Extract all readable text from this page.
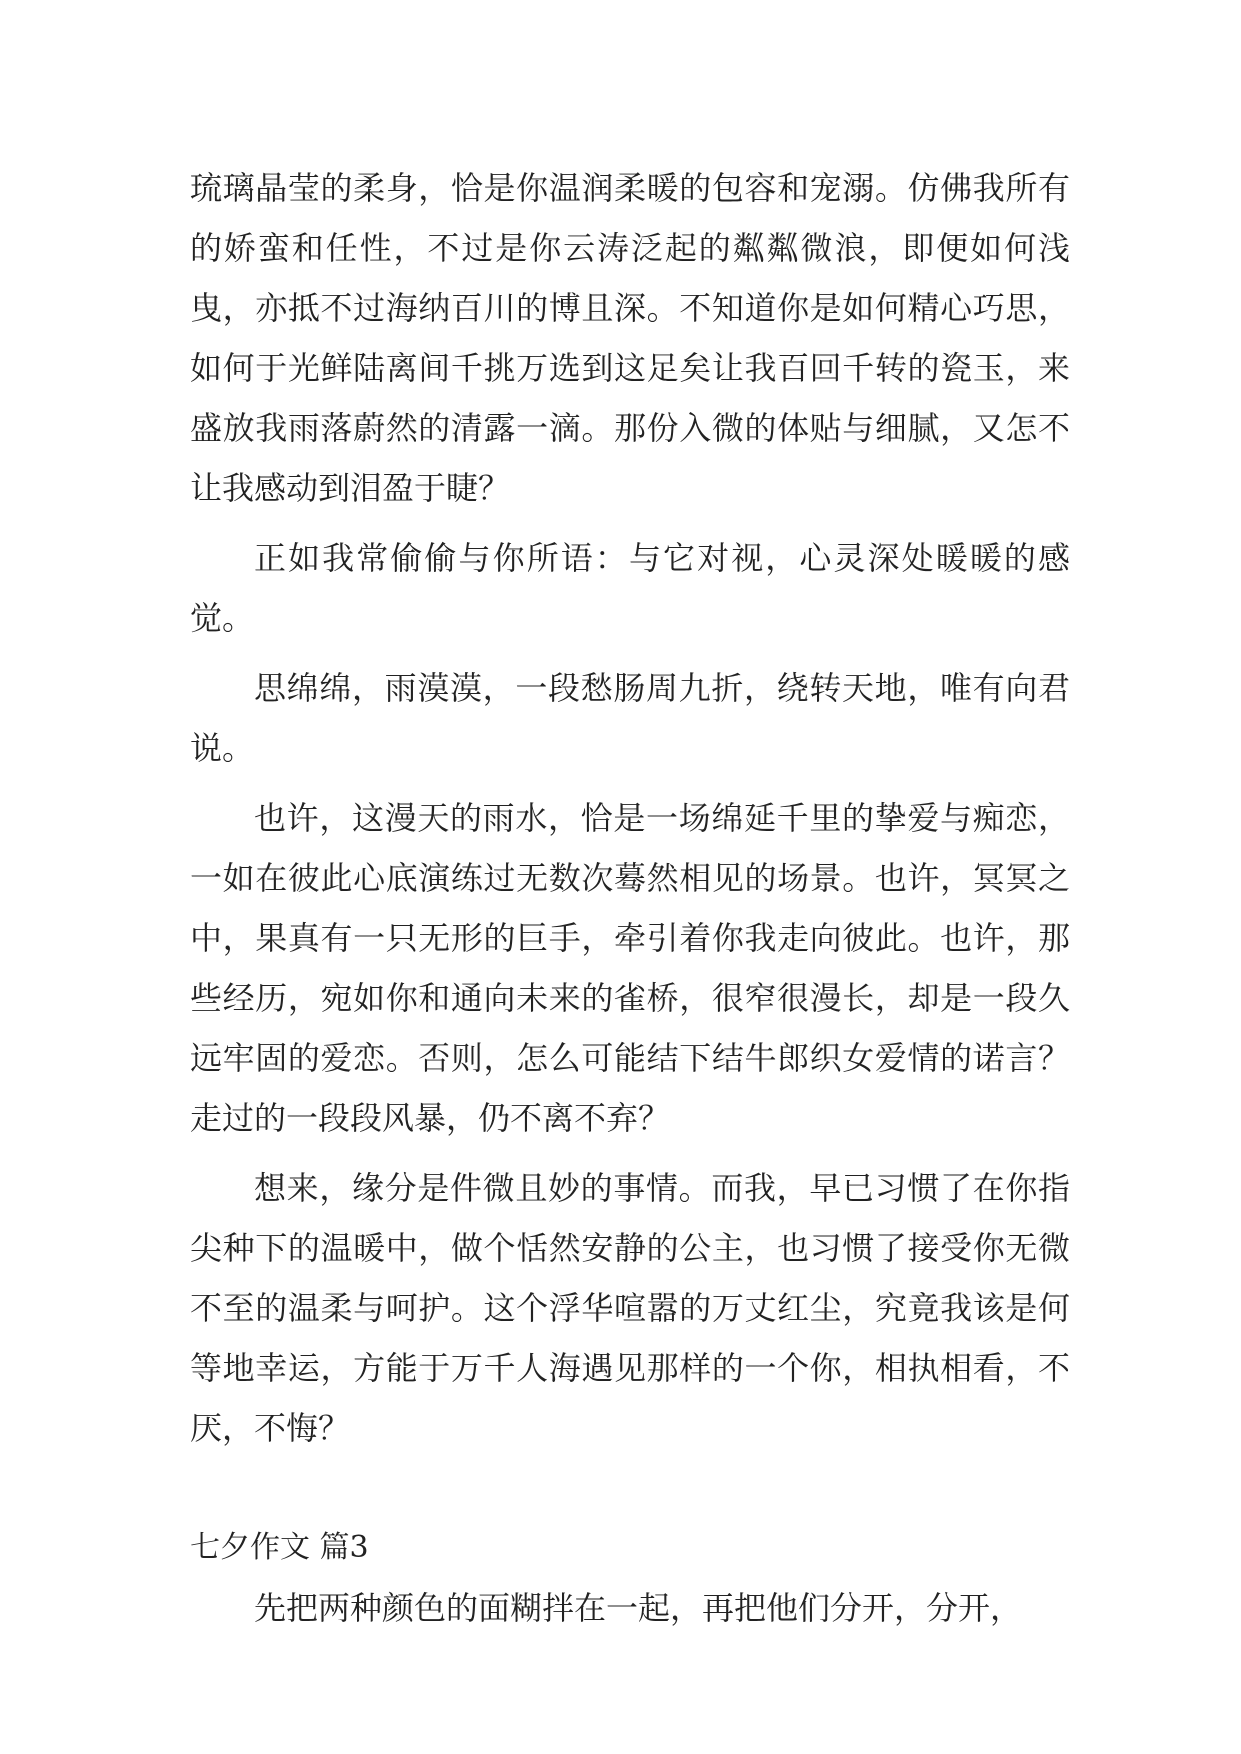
琉璃晶莹的柔身，恰是你温润柔暖的包容和宠溺。仿佛我所有的娇蛮和任性，不过是你云涛泛起的粼粼微浪，即便如何浅曳，亦抵不过海纳百川的博且深。不知道你是如何精心巧思，如何于光鲜陆离间千挑万选到这足矣让我百回千转的瓷玉，来盛放我雨落蔚然的清露一滴。那份入微的体贴与细腻，又怎不让我感动到泪盈于睫？

正如我常偷偷与你所语：与它对视，心灵深处暖暖的感觉。

思绵绵，雨漠漠，一段愁肠周九折，绕转天地，唯有向君说。

也许，这漫天的雨水，恰是一场绵延千里的挚爱与痴恋，一如在彼此心底演练过无数次蓦然相见的场景。也许，冥冥之中，果真有一只无形的巨手，牵引着你我走向彼此。也许，那些经历，宛如你和通向未来的雀桥，很窄很漫长，却是一段久远牢固的爱恋。否则，怎么可能结下结牛郎织女爱情的诺言？走过的一段段风暴，仍不离不弃？

想来，缘分是件微且妙的事情。而我，早已习惯了在你指尖种下的温暖中，做个恬然安静的公主，也习惯了接受你无微不至的温柔与呵护。这个浮华喧嚣的万丈红尘，究竟我该是何等地幸运，方能于万千人海遇见那样的一个你，相执相看，不厌，不悔？

七夕作文 篇3

先把两种颜色的面糊拌在一起，再把他们分开，分开，
